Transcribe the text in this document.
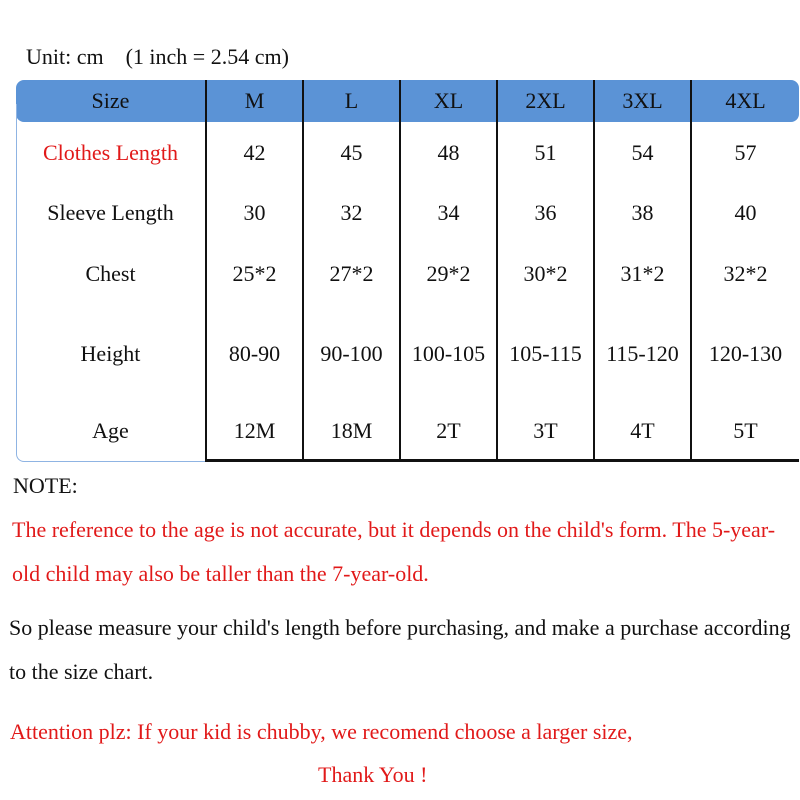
Unit: cm    (1 inch = 2.54 cm)
Size	M	L	XL	2XL	3XL	4XL
Clothes Length	42	45	48	51	54	57
Sleeve Length	30	32	34	36	38	40
Chest	25*2	27*2	29*2	30*2	31*2	32*2
Height	80-90	90-100	100-105	105-115	115-120	120-130
Age	12M	18M	2T	3T	4T	5T
NOTE:
The reference to the age is not accurate, but it depends on the child's form. The 5-year-old child may also be taller than the 7-year-old.
So please measure your child's length before purchasing, and make a purchase according to the size chart.
Attention plz: If your kid is chubby, we recomend choose a larger size,
Thank You !
